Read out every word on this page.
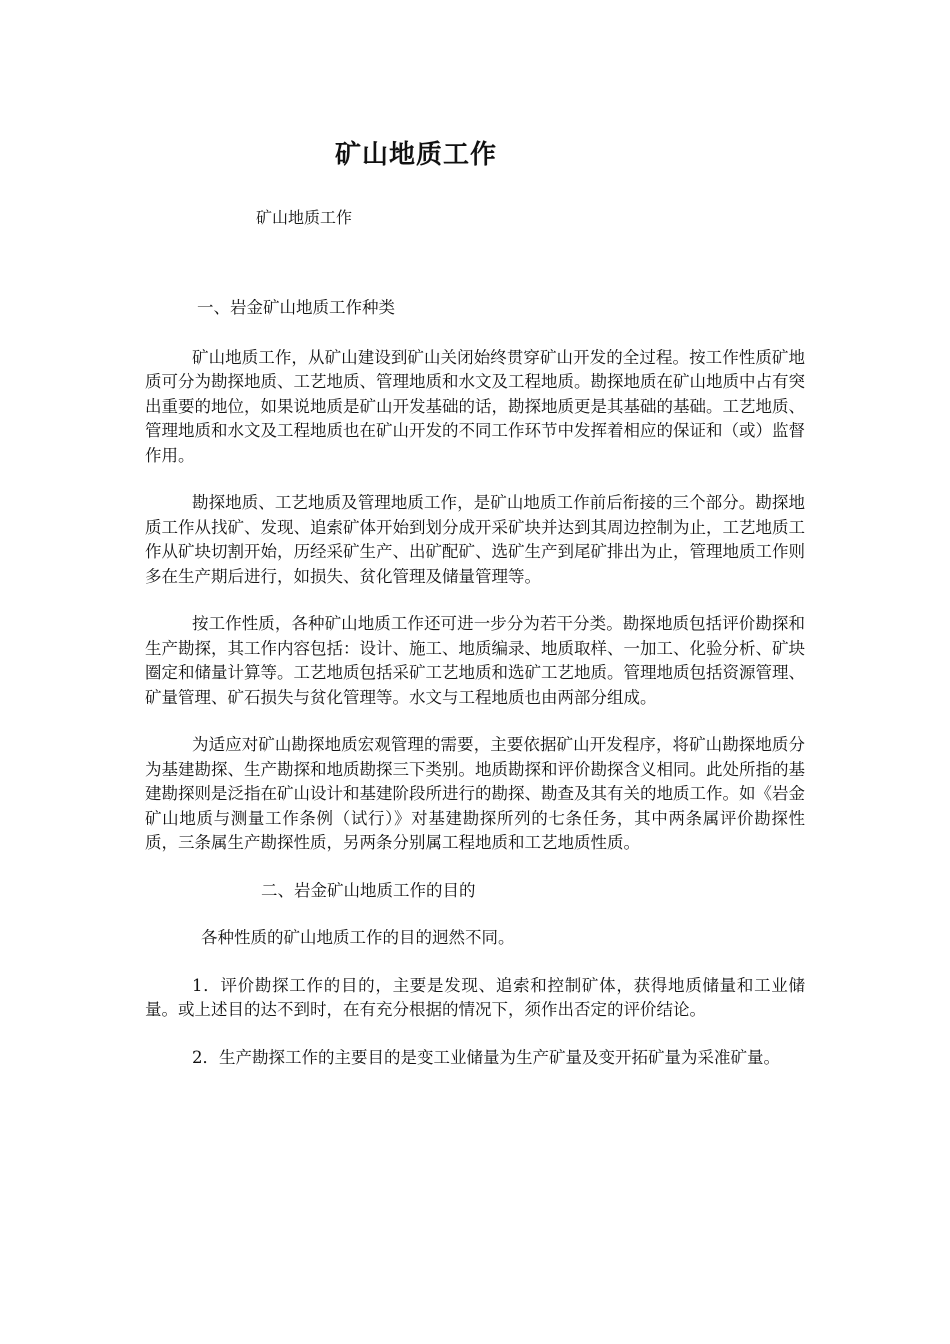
矿山地质工作

矿山地质工作

一、岩金矿山地质工作种类

矿山地质工作，从矿山建设到矿山关闭始终贯穿矿山开发的全过程。按工作性质矿地质可分为勘探地质、工艺地质、管理地质和水文及工程地质。勘探地质在矿山地质中占有突出重要的地位，如果说地质是矿山开发基础的话，勘探地质更是其基础的基础。工艺地质、管理地质和水文及工程地质也在矿山开发的不同工作环节中发挥着相应的保证和（或）监督作用。

勘探地质、工艺地质及管理地质工作，是矿山地质工作前后衔接的三个部分。勘探地质工作从找矿、发现、追索矿体开始到划分成开采矿块并达到其周边控制为止，工艺地质工作从矿块切割开始，历经采矿生产、出矿配矿、选矿生产到尾矿排出为止，管理地质工作则多在生产期后进行，如损失、贫化管理及储量管理等。

按工作性质，各种矿山地质工作还可进一步分为若干分类。勘探地质包括评价勘探和生产勘探，其工作内容包括：设计、施工、地质编录、地质取样、一加工、化验分析、矿块圈定和储量计算等。工艺地质包括采矿工艺地质和选矿工艺地质。管理地质包括资源管理、矿量管理、矿石损失与贫化管理等。水文与工程地质也由两部分组成。

为适应对矿山勘探地质宏观管理的需要，主要依据矿山开发程序，将矿山勘探地质分为基建勘探、生产勘探和地质勘探三下类别。地质勘探和评价勘探含义相同。此处所指的基建勘探则是泛指在矿山设计和基建阶段所进行的勘探、勘查及其有关的地质工作。如《岩金矿山地质与测量工作条例（试行）》对基建勘探所列的七条任务，其中两条属评价勘探性质，三条属生产勘探性质，另两条分别属工程地质和工艺地质性质。

二、岩金矿山地质工作的目的

各种性质的矿山地质工作的目的迥然不同。

1．评价勘探工作的目的，主要是发现、追索和控制矿体，获得地质储量和工业储量。或上述目的达不到时，在有充分根据的情况下，须作出否定的评价结论。

2．生产勘探工作的主要目的是变工业储量为生产矿量及变开拓矿量为采准矿量。
